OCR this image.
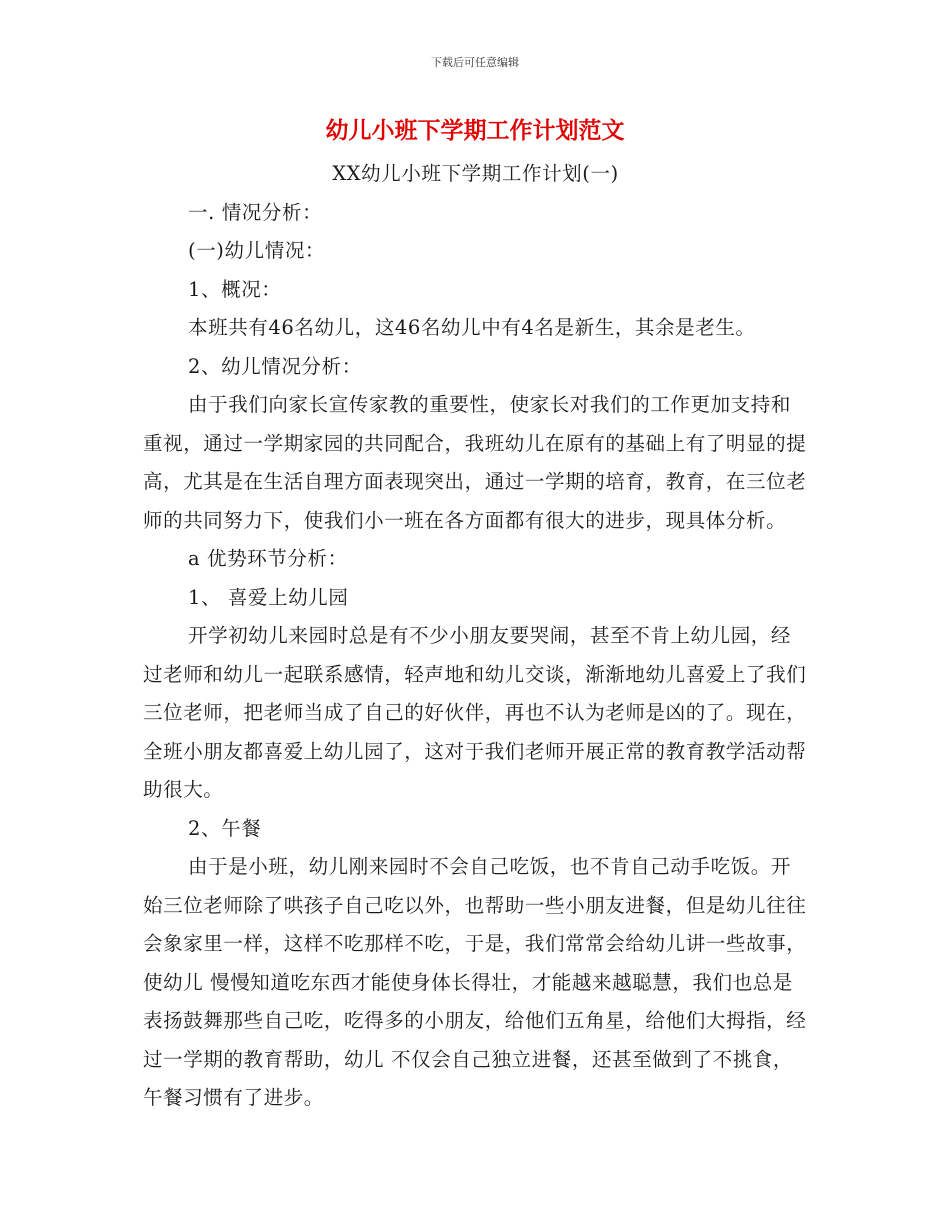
下载后可任意编辑
幼儿小班下学期工作计划范文

XX幼儿小班下学期工作计划(一)

一. 情况分析：

(一)幼儿情况：

1、概况：

本班共有46名幼儿，这46名幼儿中有4名是新生，其余是老生。

2、幼儿情况分析：

由于我们向家长宣传家教的重要性，使家长对我们的工作更加支持和重视，通过一学期家园的共同配合，我班幼儿在原有的基础上有了明显的提高，尤其是在生活自理方面表现突出，通过一学期的培育，教育，在三位老师的共同努力下，使我们小一班在各方面都有很大的进步，现具体分析。

a 优势环节分析：

1、 喜爱上幼儿园

开学初幼儿来园时总是有不少小朋友要哭闹，甚至不肯上幼儿园，经过老师和幼儿一起联系感情，轻声地和幼儿交谈，渐渐地幼儿喜爱上了我们三位老师，把老师当成了自己的好伙伴，再也不认为老师是凶的了。现在，全班小朋友都喜爱上幼儿园了，这对于我们老师开展正常的教育教学活动帮助很大。

2、午餐

由于是小班，幼儿刚来园时不会自己吃饭，也不肯自己动手吃饭。开始三位老师除了哄孩子自己吃以外，也帮助一些小朋友进餐，但是幼儿往往会象家里一样，这样不吃那样不吃，于是，我们常常会给幼儿讲一些故事，使幼儿 慢慢知道吃东西才能使身体长得壮，才能越来越聪慧，我们也总是表扬鼓舞那些自己吃，吃得多的小朋友，给他们五角星，给他们大拇指，经过一学期的教育帮助，幼儿 不仅会自己独立进餐，还甚至做到了不挑食，午餐习惯有了进步。
